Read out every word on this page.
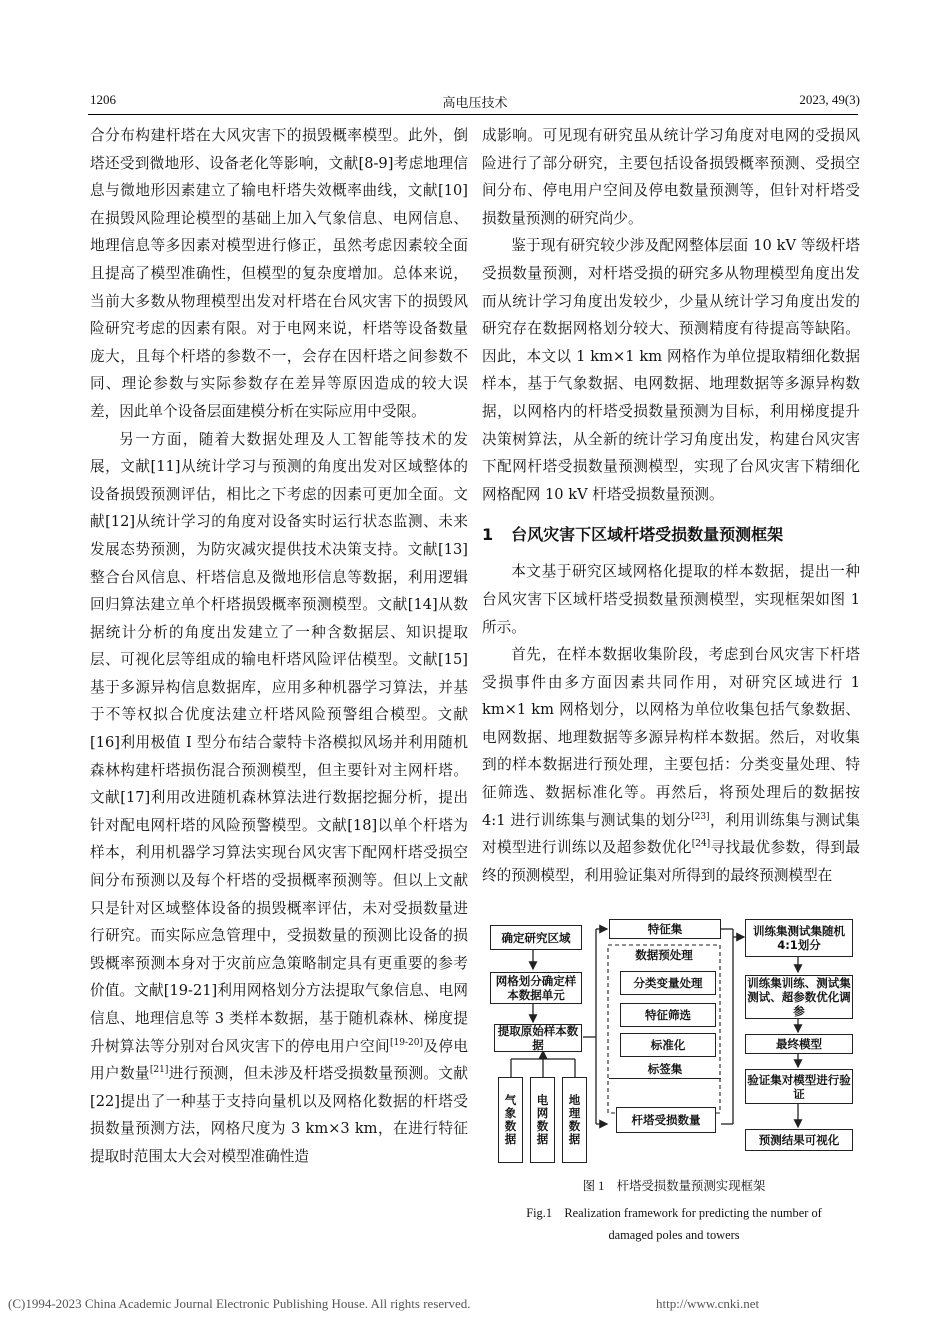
1206	高电压技术	2023, 49(3)

合分布构建杆塔在大风灾害下的损毁概率模型。此外，倒塔还受到微地形、设备老化等影响，文献[8-9]考虑地理信息与微地形因素建立了输电杆塔失效概率曲线，文献[10]在损毁风险理论模型的基础上加入气象信息、电网信息、地理信息等多因素对模型进行修正，虽然考虑因素较全面且提高了模型准确性，但模型的复杂度增加。总体来说，当前大多数从物理模型出发对杆塔在台风灾害下的损毁风险研究考虑的因素有限。对于电网来说，杆塔等设备数量庞大，且每个杆塔的参数不一，会存在因杆塔之间参数不同、理论参数与实际参数存在差异等原因造成的较大误差，因此单个设备层面建模分析在实际应用中受限。

另一方面，随着大数据处理及人工智能等技术的发展，文献[11]从统计学习与预测的角度出发对区域整体的设备损毁预测评估，相比之下考虑的因素可更加全面。文献[12]从统计学习的角度对设备实时运行状态监测、未来发展态势预测，为防灾减灾提供技术决策支持。文献[13]整合台风信息、杆塔信息及微地形信息等数据，利用逻辑回归算法建立单个杆塔损毁概率预测模型。文献[14]从数据统计分析的角度出发建立了一种含数据层、知识提取层、可视化层等组成的输电杆塔风险评估模型。文献[15]基于多源异构信息数据库，应用多种机器学习算法，并基于不等权拟合优度法建立杆塔风险预警组合模型。文献[16]利用极值 I 型分布结合蒙特卡洛模拟风场并利用随机森林构建杆塔损伤混合预测模型，但主要针对主网杆塔。文献[17]利用改进随机森林算法进行数据挖掘分析，提出针对配电网杆塔的风险预警模型。文献[18]以单个杆塔为样本，利用机器学习算法实现台风灾害下配网杆塔受损空间分布预测以及每个杆塔的受损概率预测等。但以上文献只是针对区域整体设备的损毁概率评估，未对受损数量进行研究。而实际应急管理中，受损数量的预测比设备的损毁概率预测本身对于灾前应急策略制定具有更重要的参考价值。文献[19-21]利用网格划分方法提取气象信息、电网信息、地理信息等 3 类样本数据，基于随机森林、梯度提升树算法等分别对台风灾害下的停电用户空间[19-20]及停电用户数量[21]进行预测，但未涉及杆塔受损数量预测。文献[22]提出了一种基于支持向量机以及网格化数据的杆塔受损数量预测方法，网格尺度为 3 km×3 km，在进行特征提取时范围太大会对模型准确性造

成影响。可见现有研究虽从统计学习角度对电网的受损风险进行了部分研究，主要包括设备损毁概率预测、受损空间分布、停电用户空间及停电数量预测等，但针对杆塔受损数量预测的研究尚少。

鉴于现有研究较少涉及配网整体层面 10 kV 等级杆塔受损数量预测，对杆塔受损的研究多从物理模型角度出发而从统计学习角度出发较少，少量从统计学习角度出发的研究存在数据网格划分较大、预测精度有待提高等缺陷。因此，本文以 1 km×1 km 网格作为单位提取精细化数据样本，基于气象数据、电网数据、地理数据等多源异构数据，以网格内的杆塔受损数量预测为目标，利用梯度提升决策树算法，从全新的统计学习角度出发，构建台风灾害下配网杆塔受损数量预测模型，实现了台风灾害下精细化网格配网 10 kV 杆塔受损数量预测。

1 台风灾害下区域杆塔受损数量预测框架

本文基于研究区域网格化提取的样本数据，提出一种台风灾害下区域杆塔受损数量预测模型，实现框架如图 1 所示。

首先，在样本数据收集阶段，考虑到台风灾害下杆塔受损事件由多方面因素共同作用，对研究区域进行 1 km×1 km 网格划分，以网格为单位收集包括气象数据、电网数据、地理数据等多源异构样本数据。然后，对收集到的样本数据进行预处理，主要包括：分类变量处理、特征筛选、数据标准化等。再然后，将预处理后的数据按 4:1 进行训练集与测试集的划分[23]，利用训练集与测试集对模型进行训练以及超参数优化[24]寻找最优参数，得到最终的预测模型，利用验证集对所得到的最终预测模型在

确定研究区域
网格划分确定样本数据单元
提取原始样本数据
气象数据
电网数据
地理数据
特征集
数据预处理
分类变量处理
特征筛选
标准化
标签集
杆塔受损数量
训练集测试集随机4:1划分
训练集训练、测试集测试、超参数优化调参
最终模型
验证集对模型进行验证
预测结果可视化
图 1　杆塔受损数量预测实现框架
Fig.1　Realization framework for predicting the number of
damaged poles and towers
(C)1994-2023 China Academic Journal Electronic Publishing House. All rights reserved.	http://www.cnki.net
